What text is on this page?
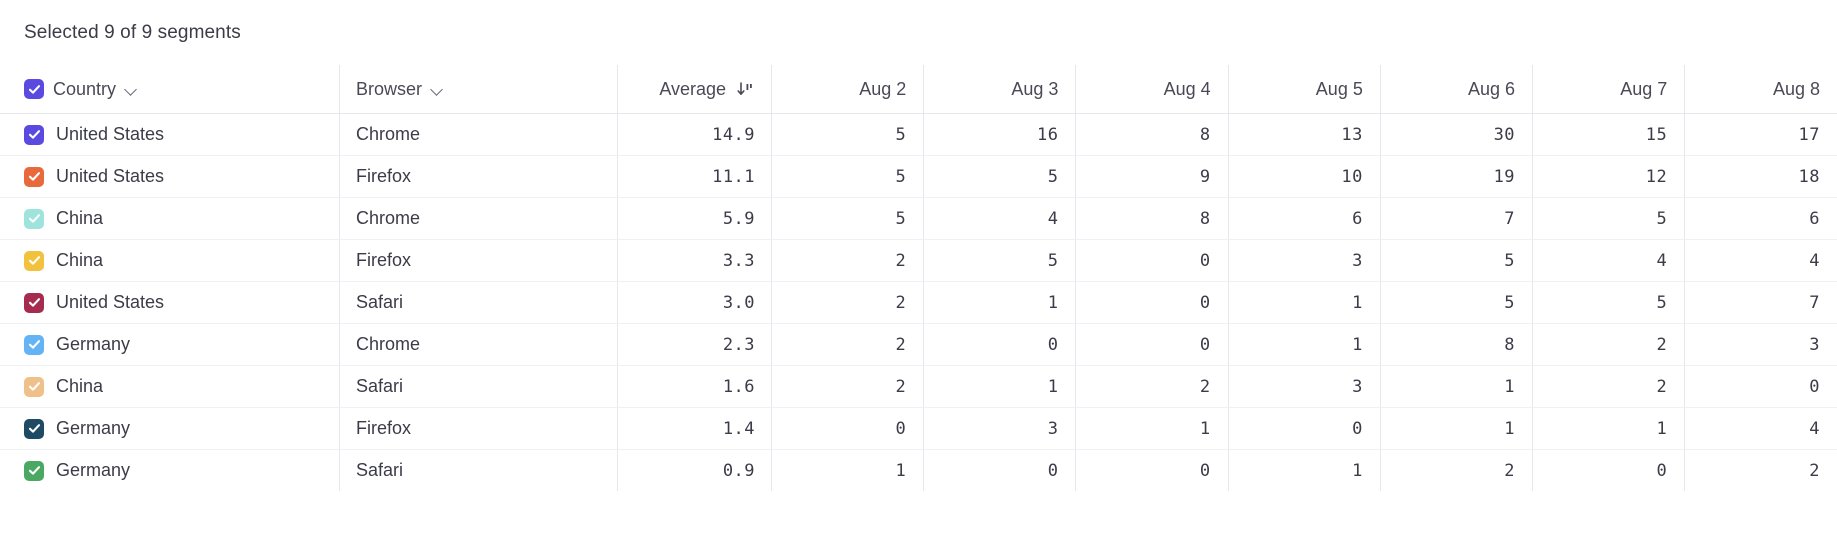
Selected 9 of 9 segments
Country	Browser	Average	Aug 2	Aug 3	Aug 4	Aug 5	Aug 6	Aug 7	Aug 8

United States	Chrome	14.9	5	16	8	13	30	15	17

United States	Firefox	11.1	5	5	9	10	19	12	18

China	Chrome	5.9	5	4	8	6	7	5	6

China	Firefox	3.3	2	5	0	3	5	4	4

United States	Safari	3.0	2	1	0	1	5	5	7

Germany	Chrome	2.3	2	0	0	1	8	2	3

China	Safari	1.6	2	1	2	3	1	2	0

Germany	Firefox	1.4	0	3	1	0	1	1	4

Germany	Safari	0.9	1	0	0	1	2	0	2
